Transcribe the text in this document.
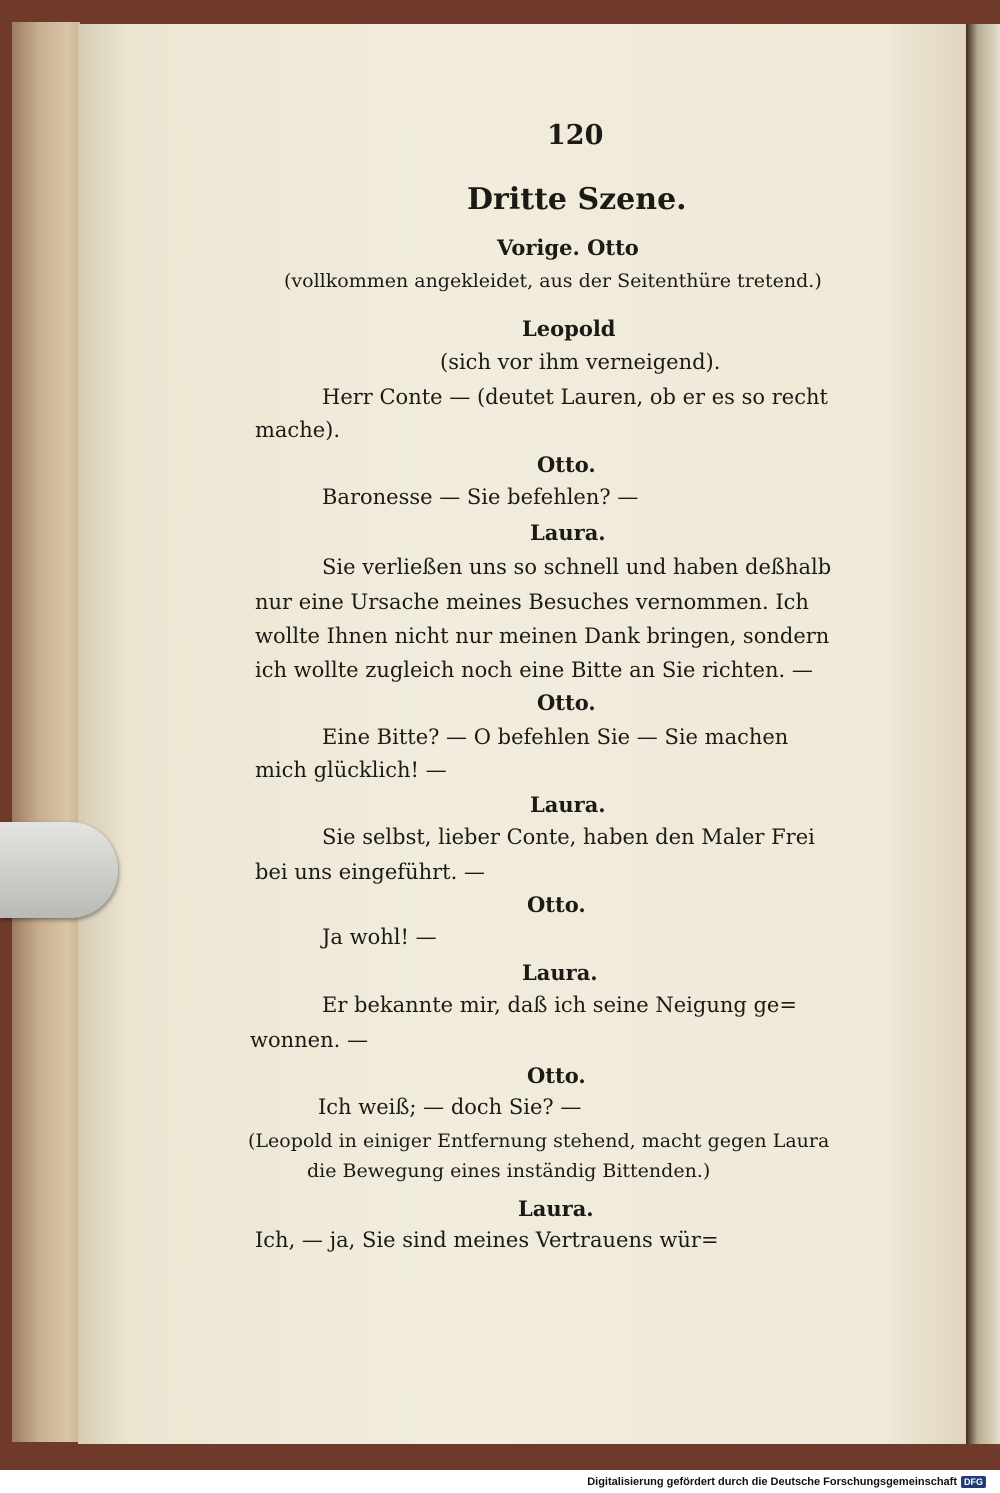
120
Dritte Szene.
Vorige. Otto
(vollkommen angekleidet, aus der Seitenthüre tretend.)
Leopold
(sich vor ihm verneigend).
Herr Conte — (deutet Lauren, ob er es so recht
mache).
Otto.
Baronesse — Sie befehlen? —
Laura.
Sie verließen uns so schnell und haben deßhalb
nur eine Ursache meines Besuches vernommen. Ich
wollte Ihnen nicht nur meinen Dank bringen, sondern
ich wollte zugleich noch eine Bitte an Sie richten. —
Otto.
Eine Bitte? — O befehlen Sie — Sie machen
mich glücklich! —
Laura.
Sie selbst, lieber Conte, haben den Maler Frei
bei uns eingeführt. —
Otto.
Ja wohl! —
Laura.
Er bekannte mir, daß ich seine Neigung ge=
wonnen. —
Otto.
Ich weiß; — doch Sie? —
(Leopold in einiger Entfernung stehend, macht gegen Laura
die Bewegung eines inständig Bittenden.)
Laura.
Ich, — ja, Sie sind meines Vertrauens wür=
Digitalisierung gefördert durch die Deutsche Forschungsgemeinschaft DFG
